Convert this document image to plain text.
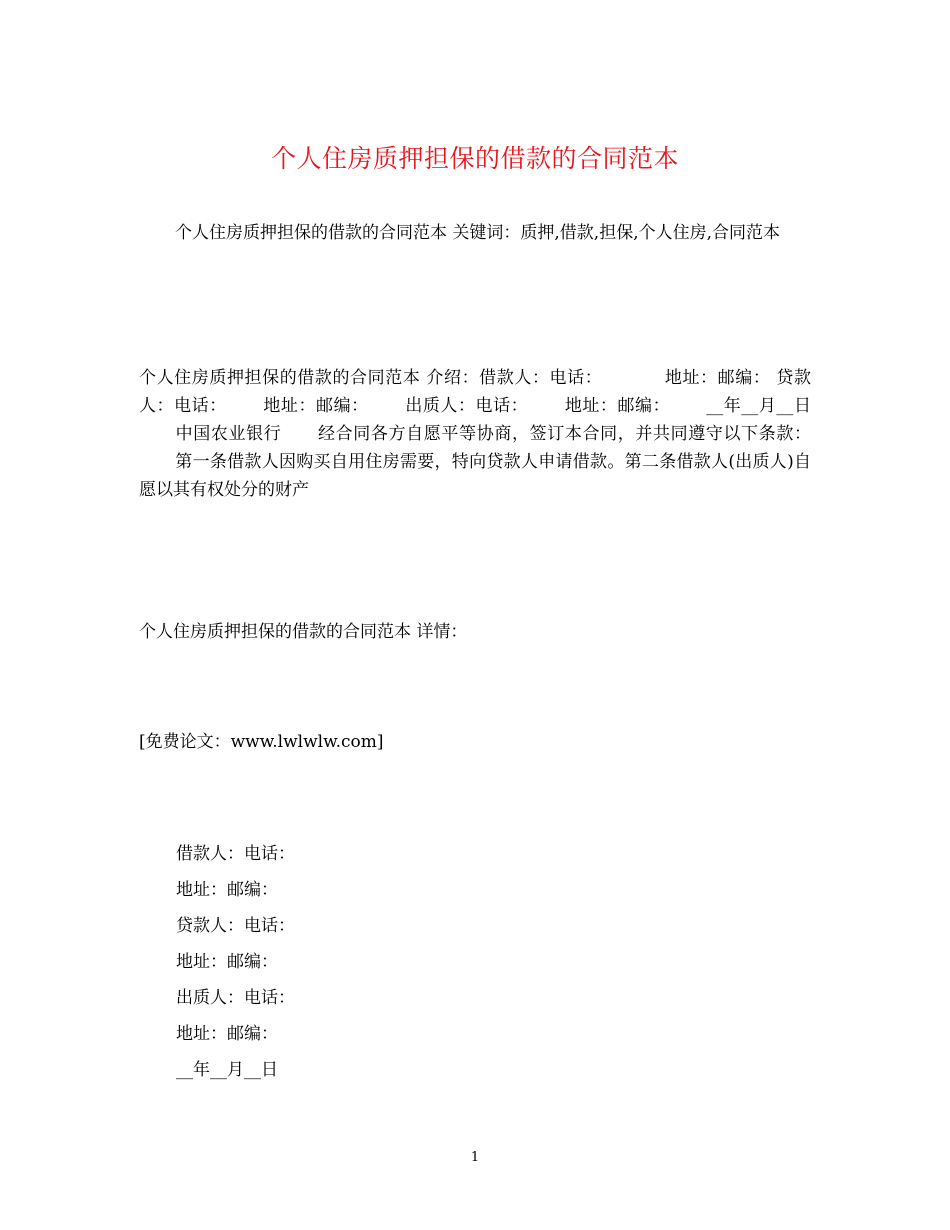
个人住房质押担保的借款的合同范本

个人住房质押担保的借款的合同范本 关键词：质押,借款,担保,个人住房,合同范本

个人住房质押担保的借款的合同范本 介绍：借款人：电话：	地址：邮编： 贷款人：电话： 地址：邮编： 出质人：电话： 地址：邮编： __年__月__日中国农业银行 经合同各方自愿平等协商，签订本合同，并共同遵守以下条款：第一条借款人因购买自用住房需要，特向贷款人申请借款。第二条借款人(出质人)自愿以其有权处分的财产

个人住房质押担保的借款的合同范本 详情：

[免费论文：www.lwlwlw.com]

借款人：电话：
地址：邮编：
贷款人：电话：
地址：邮编：
出质人：电话：
地址：邮编：
__年__月__日
1
